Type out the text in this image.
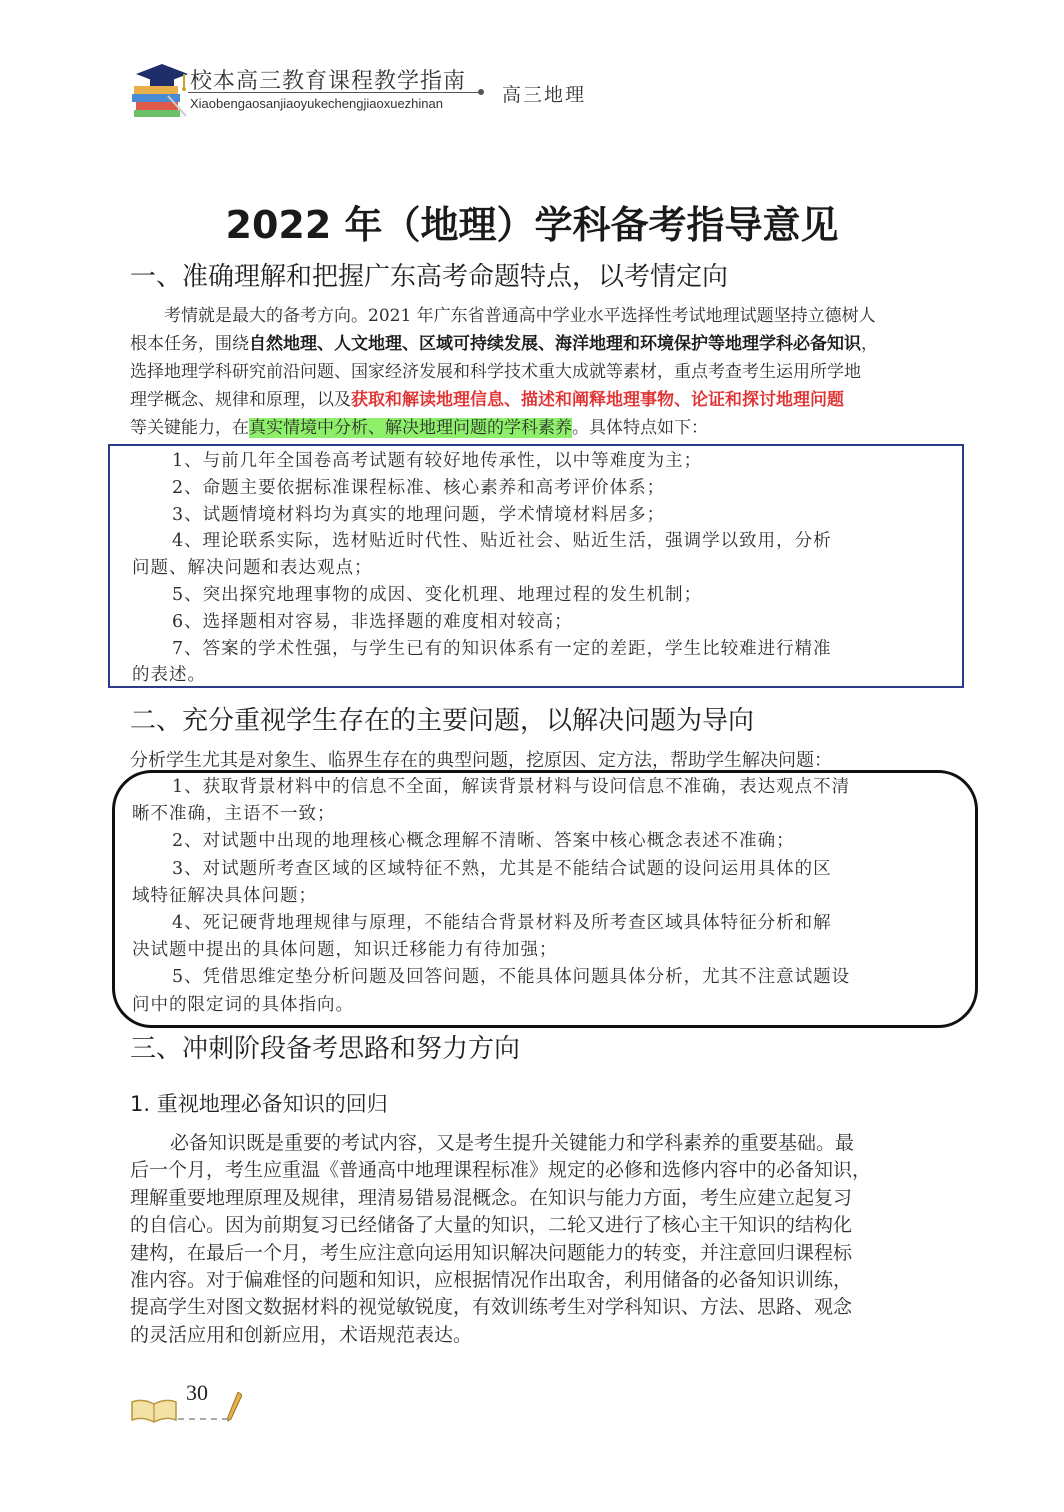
校本高三教育课程教学指南
Xiaobengaosanjiaoyukechengjiaoxuezhinan	高三地理
2022 年（地理）学科备考指导意见
一、准确理解和把握广东高考命题特点，以考情定向
考情就是最大的备考方向。2021 年广东省普通高中学业水平选择性考试地理试题坚持立德树人
根本任务，围绕自然地理、人文地理、区域可持续发展、海洋地理和环境保护等地理学科必备知识，
选择地理学科研究前沿问题、国家经济发展和科学技术重大成就等素材，重点考查考生运用所学地
理学概念、规律和原理，以及获取和解读地理信息、描述和阐释地理事物、论证和探讨地理问题
等关键能力，在真实情境中分析、解决地理问题的学科素养。具体特点如下：
1、与前几年全国卷高考试题有较好地传承性，以中等难度为主；
2、命题主要依据标准课程标准、核心素养和高考评价体系；
3、试题情境材料均为真实的地理问题，学术情境材料居多；
4、理论联系实际，选材贴近时代性、贴近社会、贴近生活，强调学以致用，分析
问题、解决问题和表达观点；
5、突出探究地理事物的成因、变化机理、地理过程的发生机制；
6、选择题相对容易，非选择题的难度相对较高；
7、答案的学术性强，与学生已有的知识体系有一定的差距，学生比较难进行精准
的表述。
二、充分重视学生存在的主要问题，以解决问题为导向
分析学生尤其是对象生、临界生存在的典型问题，挖原因、定方法，帮助学生解决问题：
1、获取背景材料中的信息不全面，解读背景材料与设问信息不准确，表达观点不清
晰不准确，主语不一致；
2、对试题中出现的地理核心概念理解不清晰、答案中核心概念表述不准确；
3、对试题所考查区域的区域特征不熟，尤其是不能结合试题的设问运用具体的区
域特征解决具体问题；
4、死记硬背地理规律与原理，不能结合背景材料及所考查区域具体特征分析和解
决试题中提出的具体问题，知识迁移能力有待加强；
5、凭借思维定垫分析问题及回答问题，不能具体问题具体分析，尤其不注意试题设
问中的限定词的具体指向。
三、冲刺阶段备考思路和努力方向
1. 重视地理必备知识的回归
必备知识既是重要的考试内容，又是考生提升关键能力和学科素养的重要基础。最
后一个月，考生应重温《普通高中地理课程标准》规定的必修和选修内容中的必备知识，
理解重要地理原理及规律，理清易错易混概念。在知识与能力方面，考生应建立起复习
的自信心。因为前期复习已经储备了大量的知识，二轮又进行了核心主干知识的结构化
建构，在最后一个月，考生应注意向运用知识解决问题能力的转变，并注意回归课程标
准内容。对于偏难怪的问题和知识，应根据情况作出取舍，利用储备的必备知识训练，
提高学生对图文数据材料的视觉敏锐度，有效训练考生对学科知识、方法、思路、观念
的灵活应用和创新应用，术语规范表达。
30
